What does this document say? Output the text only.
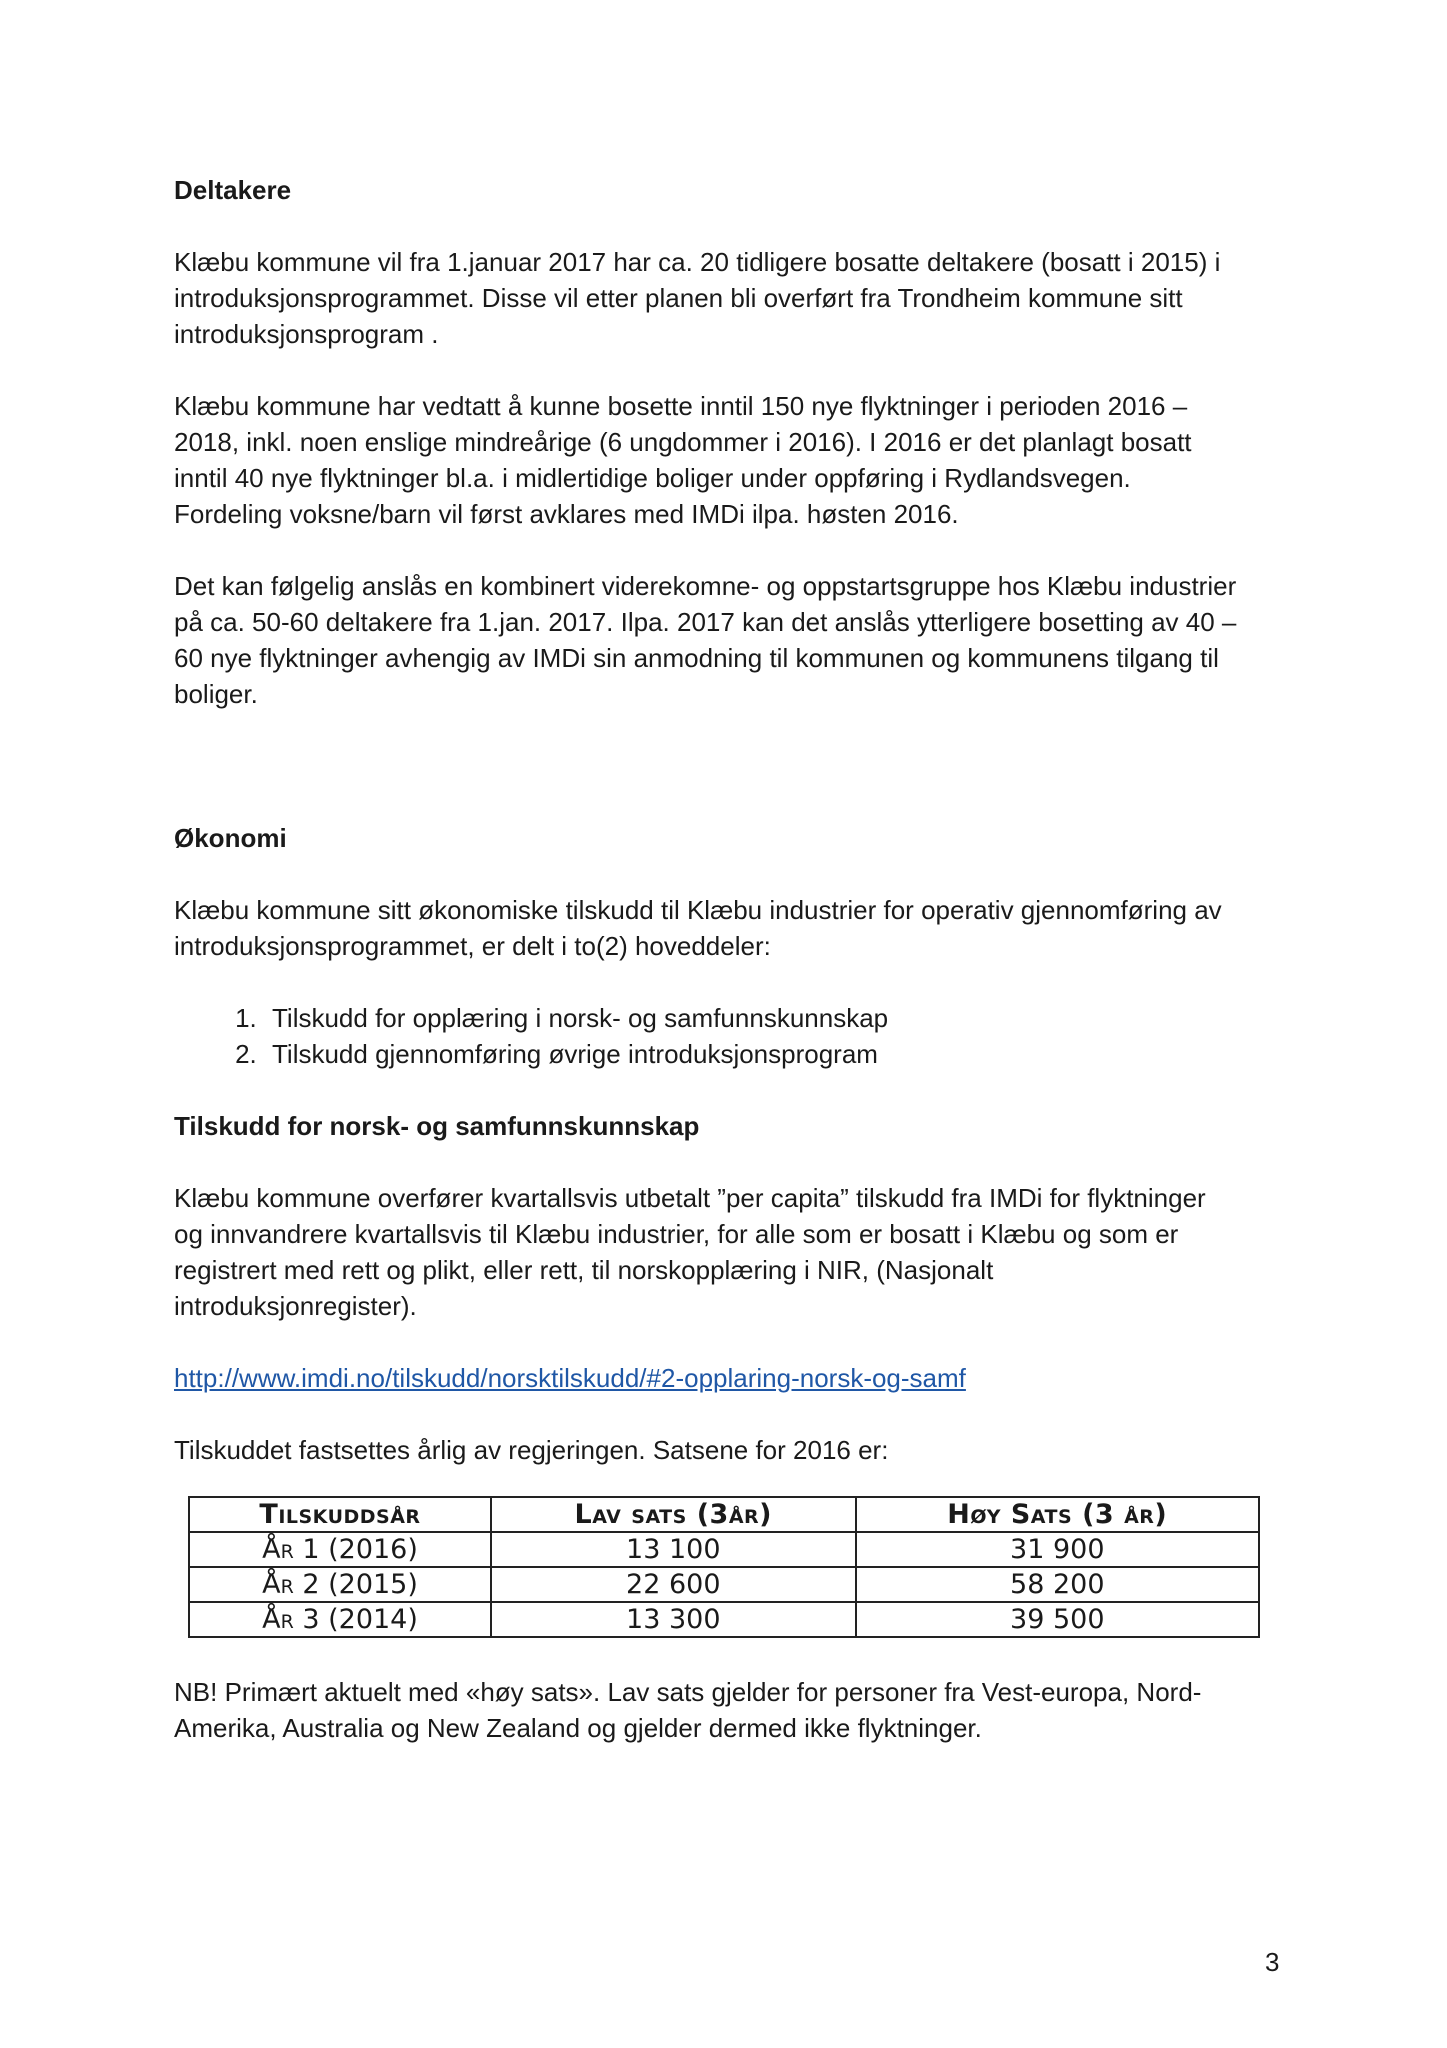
Deltakere

Klæbu kommune vil fra 1.januar 2017 har ca. 20 tidligere bosatte deltakere (bosatt i 2015) i
introduksjonsprogrammet. Disse vil etter planen bli overført fra Trondheim kommune sitt
introduksjonsprogram .

Klæbu kommune har vedtatt å kunne bosette inntil 150 nye flyktninger i perioden 2016 –
2018, inkl. noen enslige mindreårige (6 ungdommer i 2016). I 2016 er det planlagt bosatt
inntil 40 nye flyktninger bl.a. i midlertidige boliger under oppføring i Rydlandsvegen.
Fordeling voksne/barn vil først avklares med IMDi ilpa. høsten 2016.

Det kan følgelig anslås en kombinert viderekomne- og oppstartsgruppe hos Klæbu industrier
på ca. 50-60 deltakere fra 1.jan. 2017. Ilpa. 2017 kan det anslås ytterligere bosetting av 40 –
60 nye flyktninger avhengig av IMDi sin anmodning til kommunen og kommunens tilgang til
boliger.

Økonomi

Klæbu kommune sitt økonomiske tilskudd til Klæbu industrier for operativ gjennomføring av
introduksjonsprogrammet, er delt i to(2) hoveddeler:

1. Tilskudd for opplæring i norsk- og samfunnskunnskap
2. Tilskudd gjennomføring øvrige introduksjonsprogram

Tilskudd for norsk- og samfunnskunnskap

Klæbu kommune overfører kvartallsvis utbetalt ”per capita” tilskudd fra IMDi for flyktninger
og innvandrere kvartallsvis til Klæbu industrier, for alle som er bosatt i Klæbu og som er
registrert med rett og plikt, eller rett, til norskopplæring i NIR, (Nasjonalt
introduksjonregister).

http://www.imdi.no/tilskudd/norsktilskudd/#2-opplaring-norsk-og-samf

Tilskuddet fastsettes årlig av regjeringen. Satsene for 2016 er:

Tilskuddsår	Lav sats (3år)	Høy Sats (3 år)
År 1 (2016)	13 100	31 900
År 2 (2015)	22 600	58 200
År 3 (2014)	13 300	39 500

NB! Primært aktuelt med «høy sats». Lav sats gjelder for personer fra Vest-europa, Nord-
Amerika, Australia og New Zealand og gjelder dermed ikke flyktninger.

3
